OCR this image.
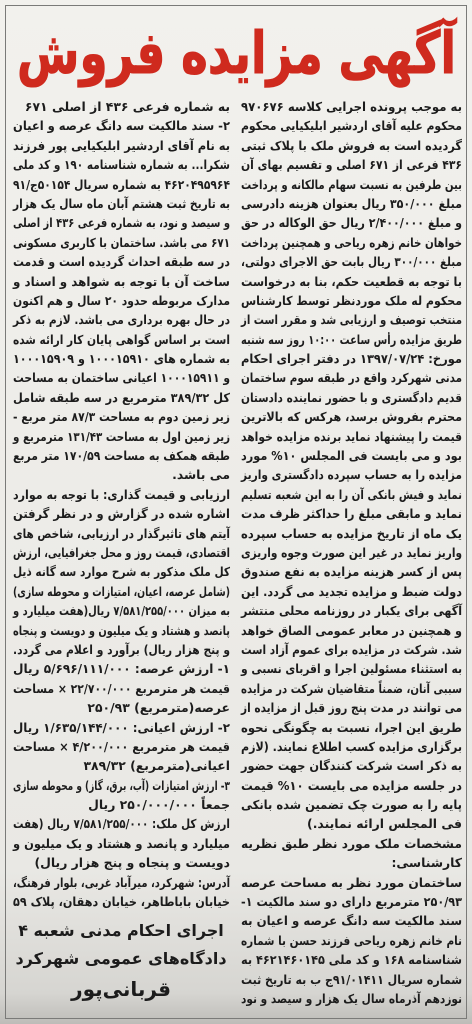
آگهی مزایده فروش
به موجب پرونده اجرایی کلاسه ۹۷۰۶۷۶
محکوم علیه آقای اردشیر ابلیکیایی محکوم
گردیده است به فروش ملک با پلاک ثبتی
۴۳۶ فرعی از ۶۷۱ اصلی و تقسیم بهای آن
بین طرفین به نسبت سهام مالکانه و پرداخت
مبلغ ۳۵۰/۰۰۰ ریال بعنوان هزینه دادرسی
و مبلغ ۲/۴۰۰/۰۰۰ ریال حق الوکاله در حق
خواهان خانم زهره ریاحی و همچنین پرداخت
مبلغ ۳۰۰/۰۰۰ ریال بابت حق الاجرای دولتی،
با توجه به قطعیت حکم، بنا به درخواست
محکوم له ملک موردنظر توسط کارشناس
منتخب توصیف و ارزیابی شد و مقرر است از
طریق مزایده رأس ساعت ۱۰:۰۰ روز سه شنبه
مورخ: ۱۳۹۷/۰۷/۲۴ در دفتر اجرای احکام
مدنی شهرکرد واقع در طبقه سوم ساختمان
قدیم دادگستری و با حضور نماینده دادستان
محترم بفروش برسد، هرکس که بالاترین
قیمت را پیشنهاد نماید برنده مزایده خواهد
بود و می بایست فی المجلس ۱۰% مورد
مزایده را به حساب سپرده دادگستری واریز
نماید و فیش بانکی آن را به این شعبه تسلیم
نماید و مابقی مبلغ را حداکثر ظرف مدت
یک ماه از تاریخ مزایده به حساب سپرده
واریز نماید در غیر این صورت وجوه واریزی
پس از کسر هزینه مزایده به نفع صندوق
دولت ضبط و مزایده تجدید می گردد. این
آگهی برای یکبار در روزنامه محلی منتشر
و همچنین در معابر عمومی الصاق خواهد
شد. شرکت در مزایده برای عموم آزاد است
به استثناء مسئولین اجرا و اقربای نسبی و
سببی آنان، ضمناً متقاضیان شرکت در مزایده
می توانند در مدت پنج روز قبل از مزایده از
طریق این اجرا، نسبت به چگونگی نحوه
برگزاری مزایده کسب اطلاع نمایند. (لازم
به ذکر است شرکت کنندگان جهت حضور
در جلسه مزایده می بایست ۱۰% قیمت
پایه را به صورت چک تضمین شده بانکی
فی المجلس ارائه نمایند.)
مشخصات ملک مورد نظر طبق نظریه
کارشناسی:
ساختمان مورد نظر به مساحت عرصه
۲۵۰/۹۳ مترمربع دارای دو سند مالکیت ۱-
سند مالکیت سه دانگ عرصه و اعیان به
نام خانم زهره ریاحی فرزند حسن با شماره
شناسنامه ۱۶۸ و کد ملی ۴۶۲۱۴۶۰۱۴۵ به
شماره سریال ۹۱/۰۱۴۱۱ج ب به تاریخ ثبت
نوزدهم آذرماه سال یک هزار و سیصد و نود
به شماره فرعی ۴۳۶ از اصلی ۶۷۱
۲- سند مالکیت سه دانگ عرصه و اعیان
به نام آقای اردشیر ابلیکیایی پور فرزند
شکرا... به شماره شناسنامه ۱۹۰ و کد ملی
۴۶۲۰۴۹۵۹۶۴ به شماره سریال ۵۰۱۵۴ج/۹۱
به تاریخ ثبت هشتم آبان ماه سال یک هزار
و سیصد و نود، به شماره فرعی ۴۳۶ از اصلی
۶۷۱ می باشد. ساختمان با کاربری مسکونی
در سه طبقه احداث گردیده است و قدمت
ساخت آن با توجه به شواهد و اسناد و
مدارک مربوطه حدود ۲۰ سال و هم اکنون
در حال بهره برداری می باشد. لازم به ذکر
است بر اساس گواهی پایان کار ارائه شده
به شماره های ۱۰۰۰۱۵۹۱۰ و ۱۰۰۰۱۵۹۰۹
و ۱۰۰۰۱۵۹۱۱ اعیانی ساختمان به مساحت
کل ۳۸۹/۳۲ مترمربع در سه طبقه شامل
زیر زمین دوم به مساحت ۸۷/۳ متر مربع -
زیر زمین اول به مساحت ۱۳۱/۴۳ مترمربع و
طبقه همکف به مساحت ۱۷۰/۵۹ متر مربع
می باشد.
ارزیابی و قیمت گذاری: با توجه به موارد
اشاره شده در گزارش و در نظر گرفتن
آیتم های تاثیرگذار در ارزیابی، شاخص های
اقتصادی، قیمت روز و محل جغرافیایی، ارزش
کل ملک مذکور به شرح موارد سه گانه ذیل
(شامل عرصه، اعیان، امتیازات و محوطه سازی)
به میزان ۷/۵۸۱/۲۵۵/۰۰۰ ریال(هفت میلیارد و
پانصد و هشتاد و یک میلیون و دویست و پنجاه
و پنج هزار ریال) برآورد و اعلام می گردد.
۱- ارزش عرصه: ۵/۶۹۶/۱۱۱/۰۰۰ ریال
قیمت هر مترمربع ۲۲/۷۰۰/۰۰۰ × مساحت
عرصه(مترمربع) ۲۵۰/۹۳
۲- ارزش اعیانی: ۱/۶۳۵/۱۴۴/۰۰۰ ریال
قیمت هر مترمربع ۴/۲۰۰/۰۰۰ × مساحت
اعیانی(مترمربع) ۳۸۹/۳۲
۳- ارزش امتیازات (آب، برق، گاز) و محوطه سازی
جمعاً ۲۵۰/۰۰۰/۰۰۰ ریال
ارزش کل ملک: ۷/۵۸۱/۲۵۵/۰۰۰ ریال (هفت
میلیارد و پانصد و هشتاد و یک میلیون و
دویست و پنجاه و پنج هزار ریال)
آدرس: شهرکرد، میرآباد غربی، بلوار فرهنگ،
خیابان باباطاهر، خیابان دهقان، پلاک ۵۹
اجرای احکام مدنی شعبه ۴
دادگاه‌های عمومی شهرکرد
قربانی‌پور
